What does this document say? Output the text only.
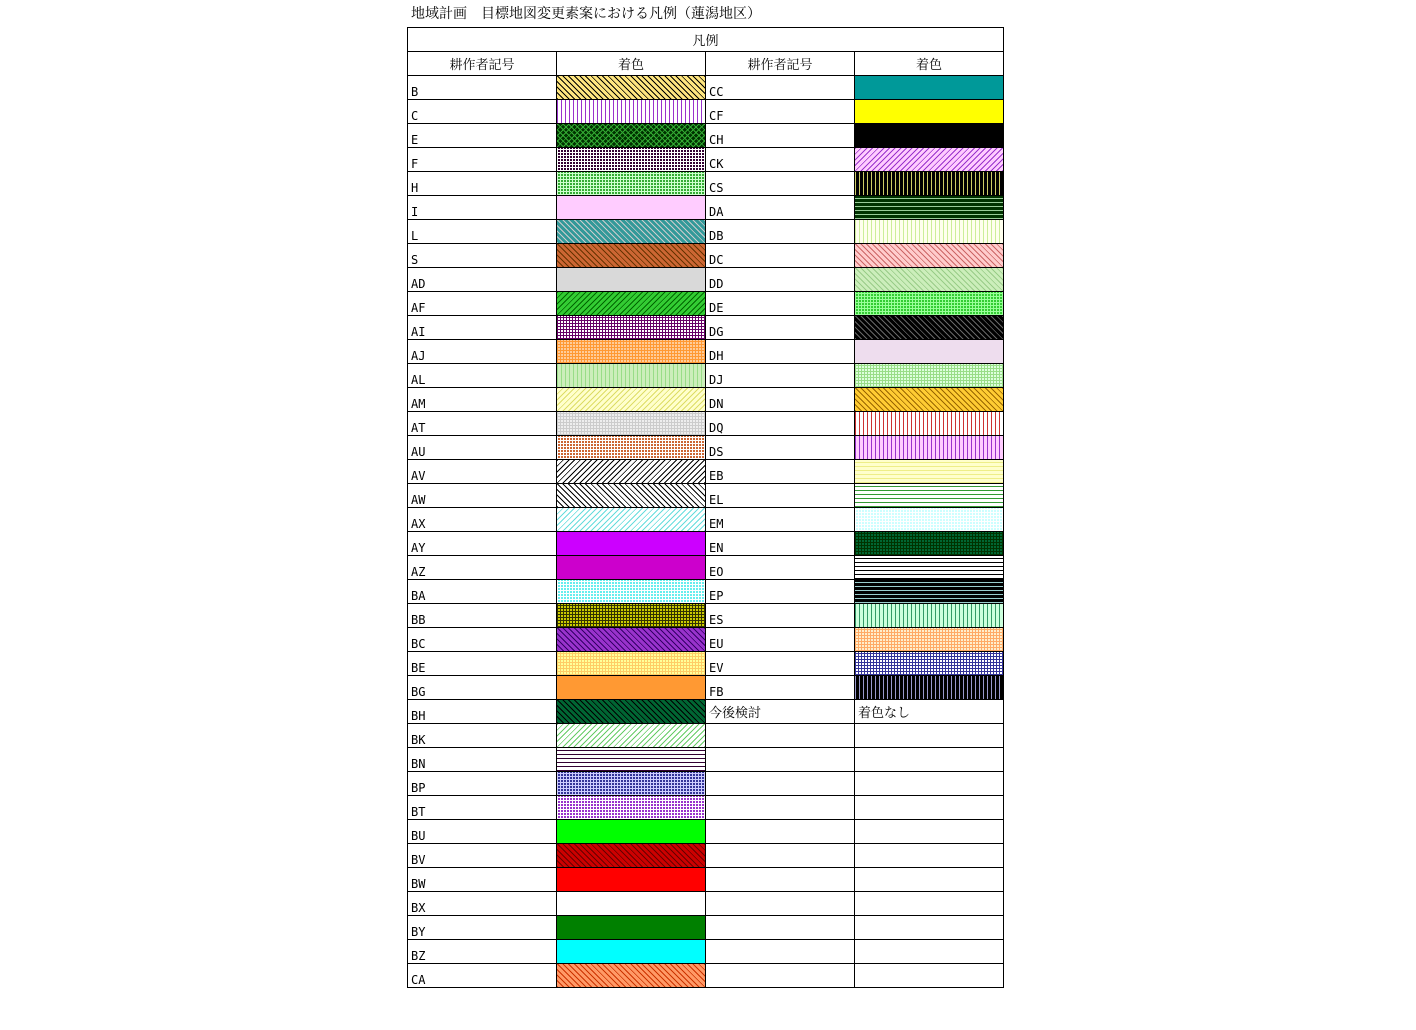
地域計画　目標地図変更素案における凡例（蓮潟地区）
凡例			
耕作者記号	着色	耕作者記号	着色
B		CC	

C		CF	

E		CH	

F		CK	

H		CS	

I		DA	

L		DB	

S		DC	

AD		DD	

AF		DE	

AI		DG	

AJ		DH	

AL		DJ	

AM		DN	

AT		DQ	

AU		DS	

AV		EB	

AW		EL	

AX		EM	

AY		EN	

AZ		EO	

BA		EP	

BB		ES	

BC		EU	

BE		EV	

BG		FB	

BH		今後検討	着色なし
BK	

BN	

BP	

BT	

BU	

BV	

BW	

BX	

BY	

BZ	

CA	
